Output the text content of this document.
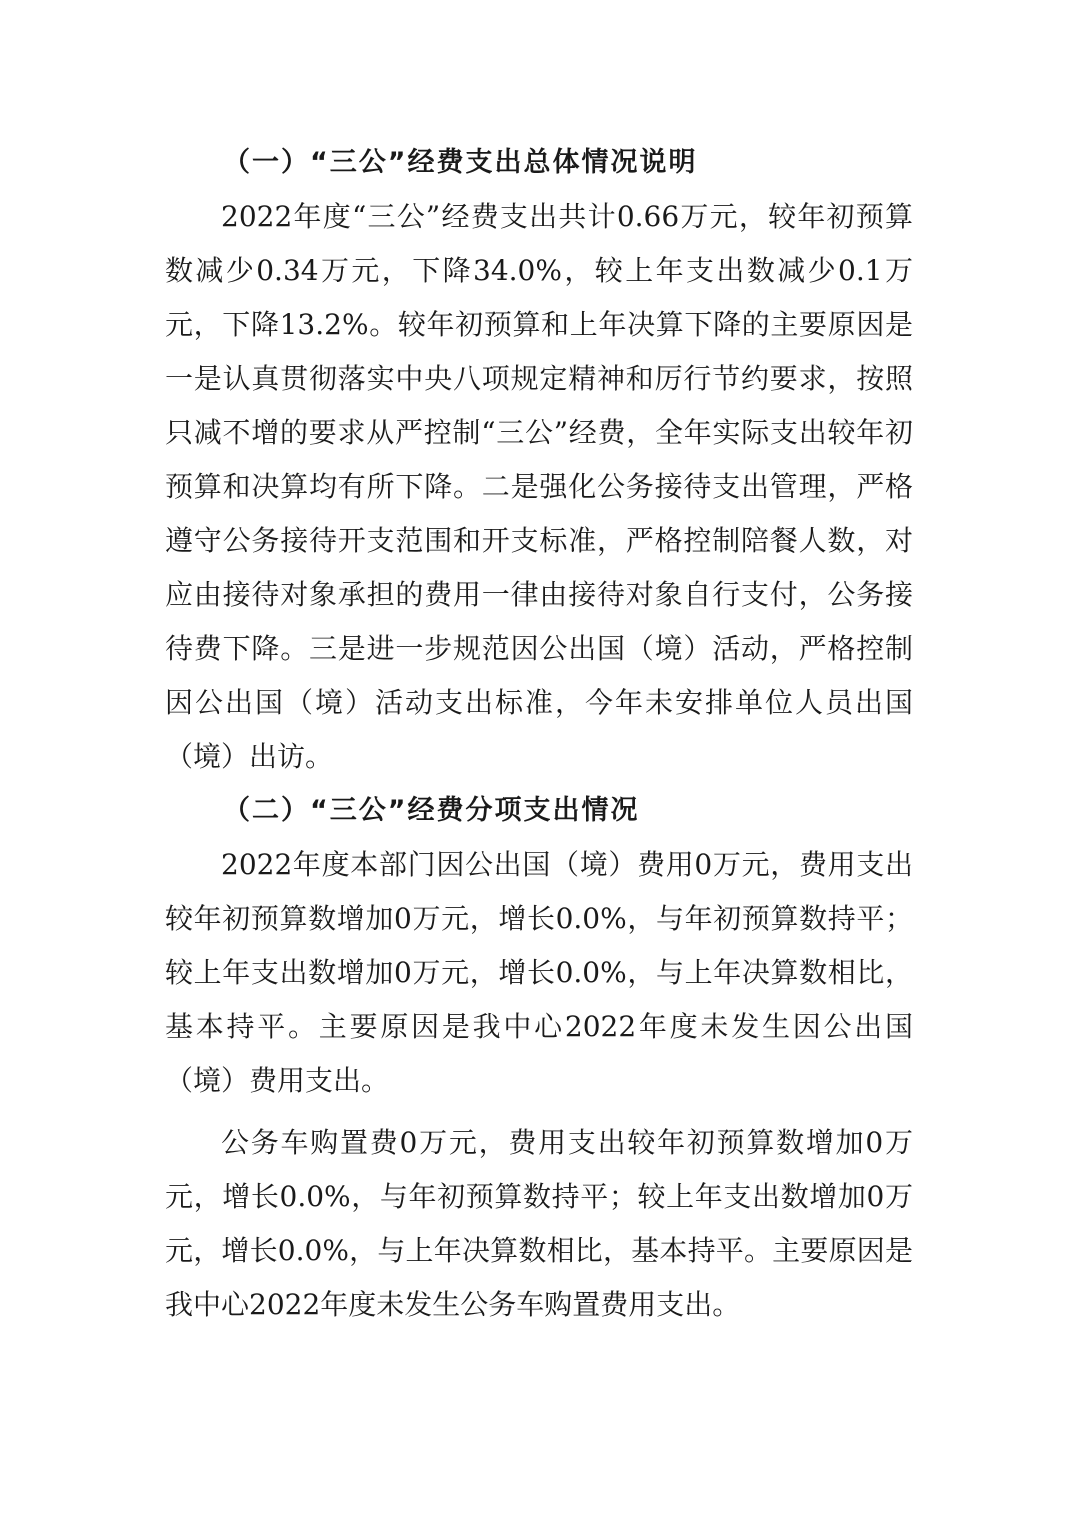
（一）“三公”经费支出总体情况说明

2022年度“三公”经费支出共计0.66万元，较年初预算数减少0.34万元，下降34.0%，较上年支出数减少0.1万元，下降13.2%。较年初预算和上年决算下降的主要原因是一是认真贯彻落实中央八项规定精神和厉行节约要求，按照只减不增的要求从严控制“三公”经费，全年实际支出较年初预算和决算均有所下降。二是强化公务接待支出管理，严格遵守公务接待开支范围和开支标准，严格控制陪餐人数，对应由接待对象承担的费用一律由接待对象自行支付，公务接待费下降。三是进一步规范因公出国（境）活动，严格控制因公出国（境）活动支出标准，今年未安排单位人员出国（境）出访。

（二）“三公”经费分项支出情况

2022年度本部门因公出国（境）费用0万元，费用支出较年初预算数增加0万元，增长0.0%，与年初预算数持平；较上年支出数增加0万元，增长0.0%，与上年决算数相比，基本持平。主要原因是我中心2022年度未发生因公出国（境）费用支出。

公务车购置费0万元，费用支出较年初预算数增加0万元，增长0.0%，与年初预算数持平；较上年支出数增加0万元，增长0.0%，与上年决算数相比，基本持平。主要原因是我中心2022年度未发生公务车购置费用支出。
